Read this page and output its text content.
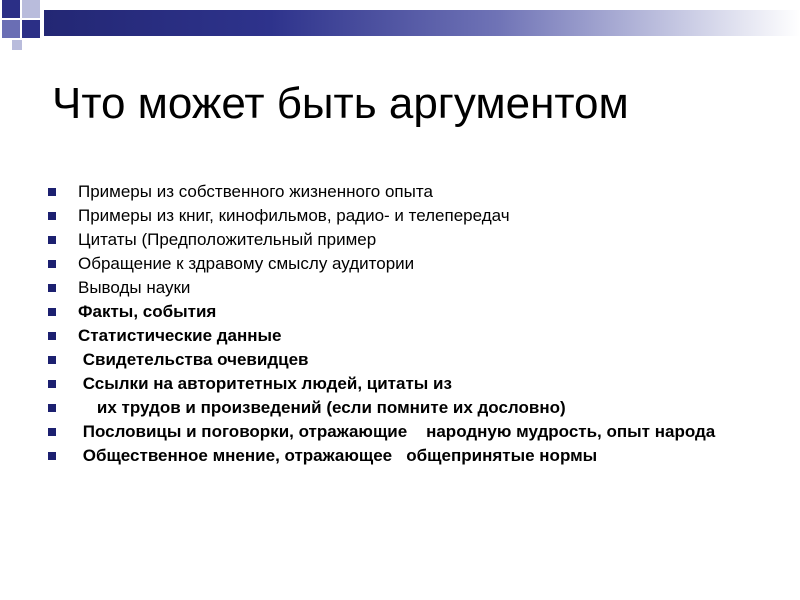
Что может быть аргументом
Примеры из собственного жизненного опыта
Примеры из книг, кинофильмов, радио- и телепередач
Цитаты (Предположительный пример
Обращение к здравому смыслу аудитории
Выводы науки
Факты, события
Статистические данные
Свидетельства очевидцев
Ссылки на авторитетных людей, цитаты из
их трудов и произведений (если помните их дословно)
Пословицы и поговорки, отражающие    народную мудрость, опыт народа
Общественное мнение, отражающее   общепринятые нормы
